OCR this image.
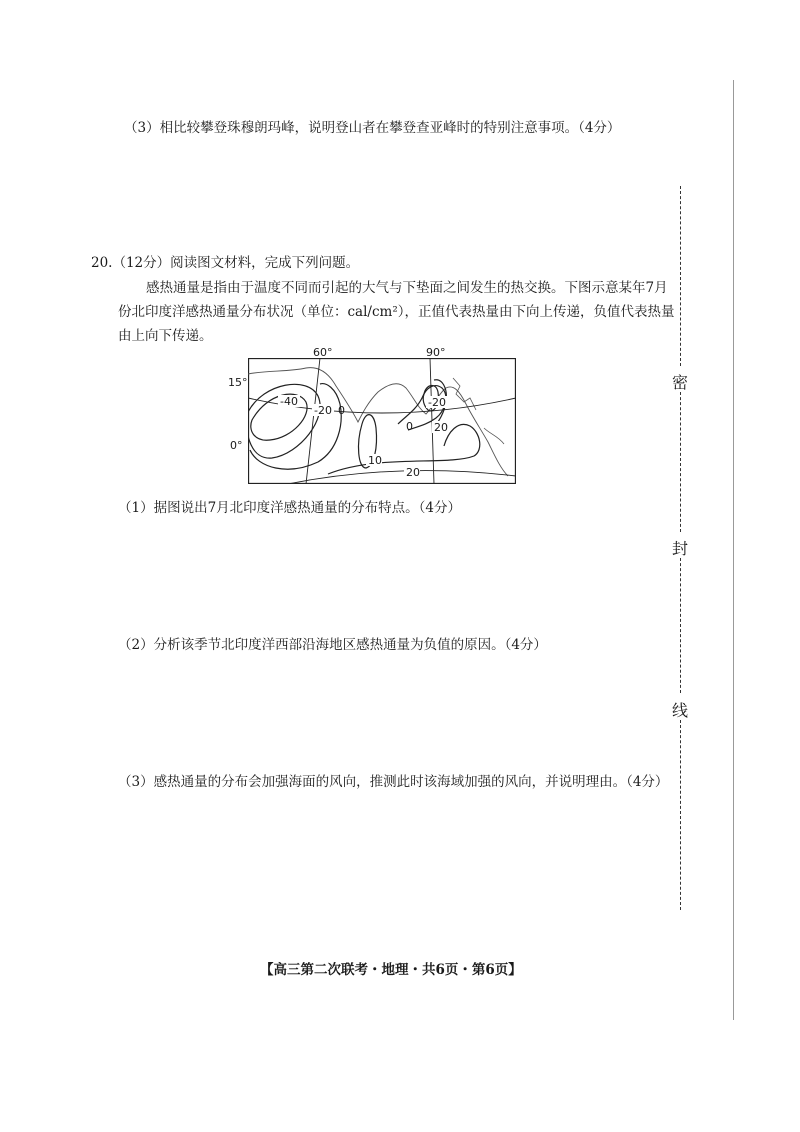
（3）相比较攀登珠穆朗玛峰，说明登山者在攀登查亚峰时的特别注意事项。（4分）
20.（12分）阅读图文材料，完成下列问题。
感热通量是指由于温度不同而引起的大气与下垫面之间发生的热交换。下图示意某年7月份北印度洋感热通量分布状况（单位：cal/cm²），正值代表热量由下向上传递，负值代表热量由上向下传递。
-40
-20 0
0
-20
20
10
20
60°	90°
15°
0°
（1）据图说出7月北印度洋感热通量的分布特点。（4分）
（2）分析该季节北印度洋西部沿海地区感热通量为负值的原因。（4分）
（3）感热通量的分布会加强海面的风向，推测此时该海域加强的风向，并说明理由。（4分）
密
封
线
【高三第二次联考・地理・共6页・第6页】
